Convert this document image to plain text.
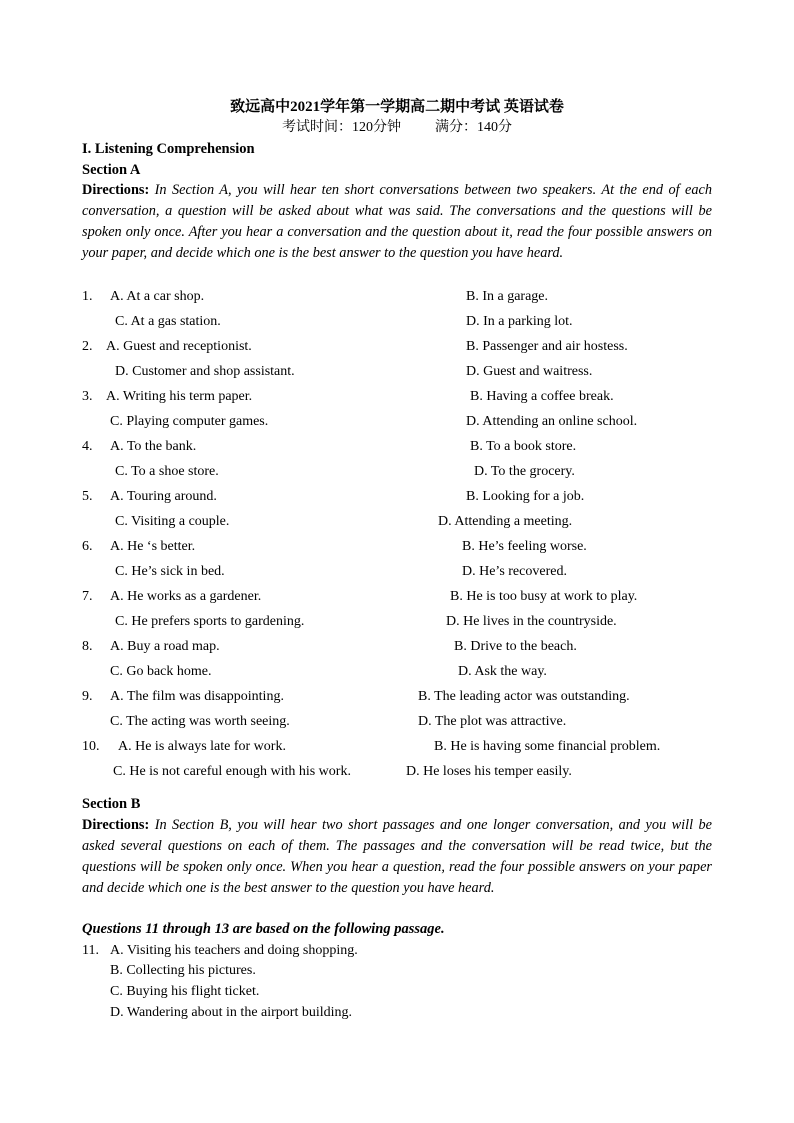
致远高中2021学年第一学期高二期中考试 英语试卷
考试时间：120分钟 满分：140分
I. Listening Comprehension
Section A
Directions: In Section A, you will hear ten short conversations between two speakers. At the end of each conversation, a question will be asked about what was said. The conversations and the questions will be spoken only once. After you hear a conversation and the question about it, read the four possible answers on your paper, and decide which one is the best answer to the question you have heard.
1. A. At a car shop.	B. In a garage.
C. At a gas station.	D. In a parking lot.
2. A. Guest and receptionist.	B. Passenger and air hostess.
D. Customer and shop assistant.	D. Guest and waitress.
3. A. Writing his term paper.	B. Having a coffee break.
C. Playing computer games.	D. Attending an online school.
4. A. To the bank.	B. To a book store.
C. To a shoe store.	D. To the grocery.
5. A. Touring around.	B. Looking for a job.
C. Visiting a couple.	D. Attending a meeting.
6. A. He ‘s better.	B. He’s feeling worse.
C. He’s sick in bed.	D. He’s recovered.
7. A. He works as a gardener.	B. He is too busy at work to play.
C. He prefers sports to gardening.	D. He lives in the countryside.
8. A. Buy a road map.	B. Drive to the beach.
C. Go back home.	D. Ask the way.
9. A. The film was disappointing.	B. The leading actor was outstanding.
C. The acting was worth seeing.	D. The plot was attractive.
10. A. He is always late for work.	B. He is having some financial problem.
C. He is not careful enough with his work.	D. He loses his temper easily.
Section B
Directions: In Section B, you will hear two short passages and one longer conversation, and you will be asked several questions on each of them. The passages and the conversation will be read twice, but the questions will be spoken only once. When you hear a question, read the four possible answers on your paper and decide which one is the best answer to the question you have heard.
Questions 11 through 13 are based on the following passage.
11. A. Visiting his teachers and doing shopping.
B. Collecting his pictures.
C. Buying his flight ticket.
D. Wandering about in the airport building.
